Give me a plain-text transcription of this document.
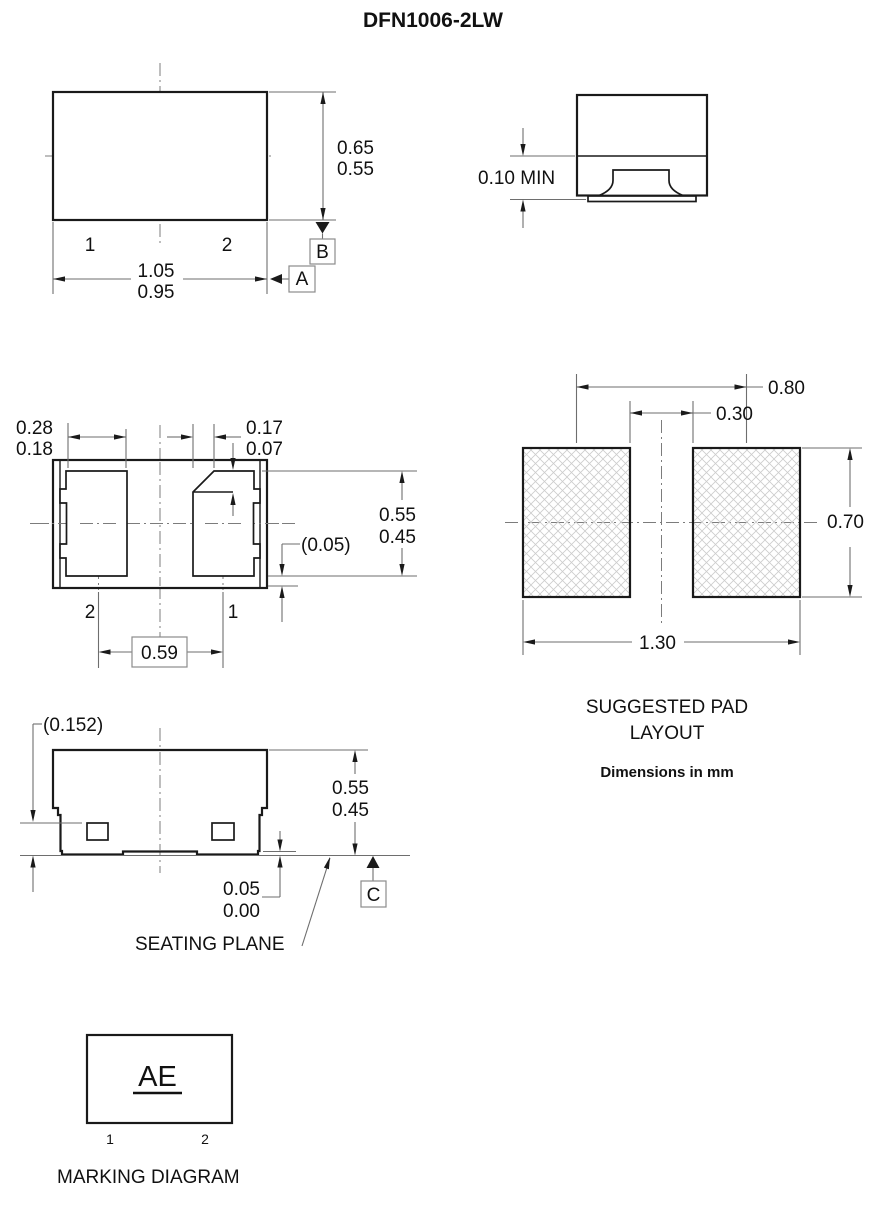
DFN1006-2LW
1	2
0.65
0.55
1.05
0.95
B
A
0.10 MIN
2	1
0.28
0.18
0.17
0.07
0.55
0.45
(0.05)
0.59
0.80
0.30
0.70
1.30
SUGGESTED PAD
LAYOUT
Dimensions in mm
(0.152)
0.55
0.45
0.05
0.00
C
SEATING PLANE
AE
1	2
MARKING DIAGRAM
